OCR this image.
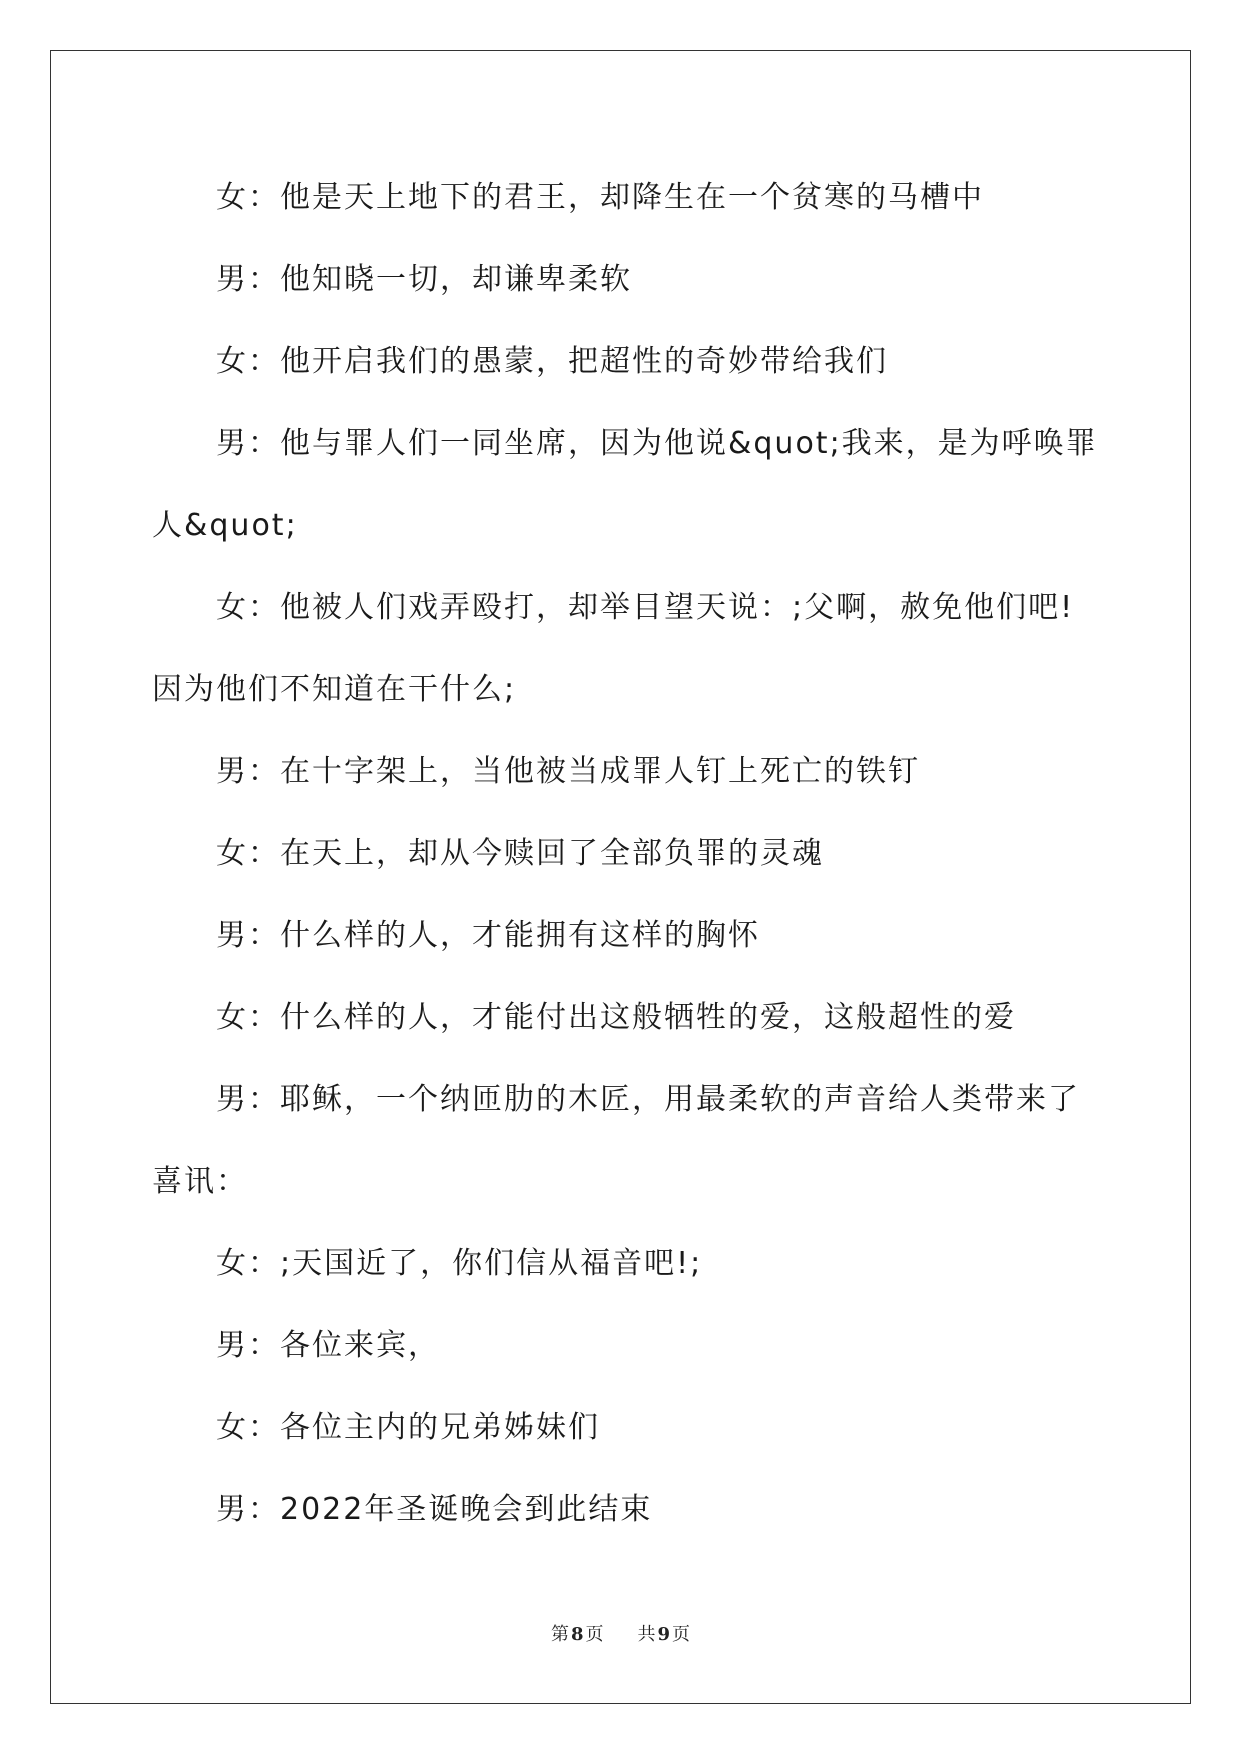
女：他是天上地下的君王，却降生在一个贫寒的马槽中

男：他知晓一切，却谦卑柔软

女：他开启我们的愚蒙，把超性的奇妙带给我们

男：他与罪人们一同坐席，因为他说&quot;我来，是为呼唤罪人&quot;

女：他被人们戏弄殴打，却举目望天说：;父啊，赦免他们吧!因为他们不知道在干什么;

男：在十字架上，当他被当成罪人钉上死亡的铁钉

女：在天上，却从今赎回了全部负罪的灵魂

男：什么样的人，才能拥有这样的胸怀

女：什么样的人，才能付出这般牺牲的爱，这般超性的爱

男：耶稣，一个纳匝肋的木匠，用最柔软的声音给人类带来了喜讯：

女：;天国近了，你们信从福音吧!;

男：各位来宾，

女：各位主内的兄弟姊妹们

男：2022年圣诞晚会到此结束

第 8 页 共 9 页
